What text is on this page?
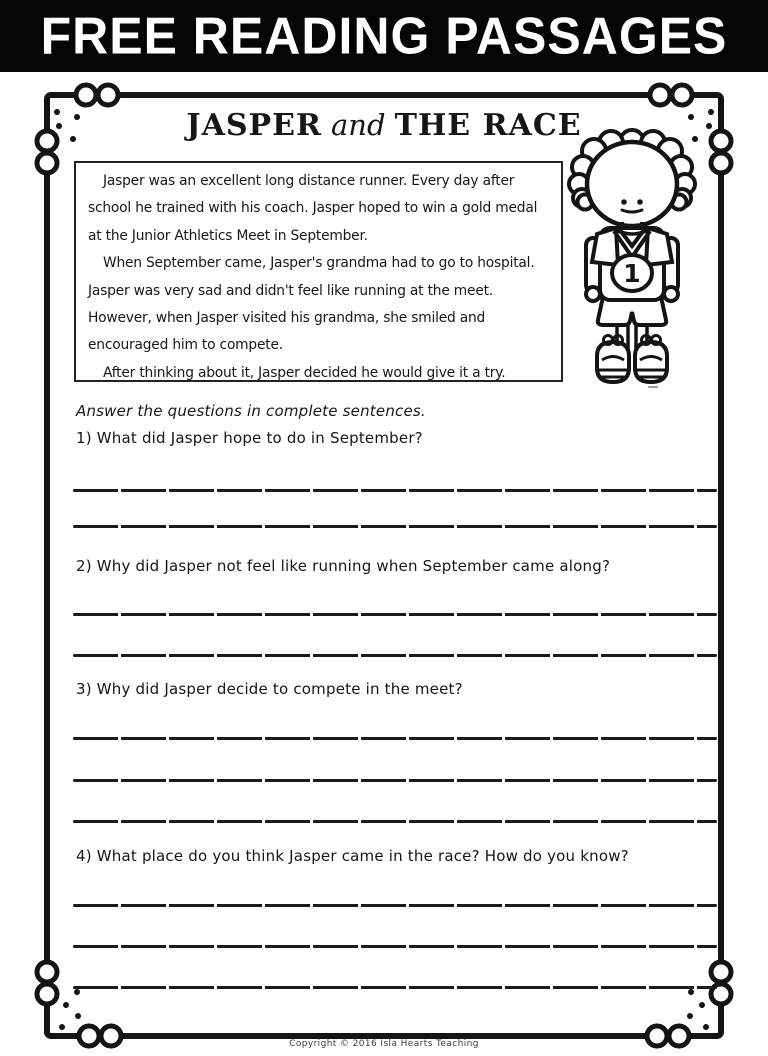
FREE READING PASSAGES
JASPER and THE RACE

Jasper was an excellent long distance runner. Every day after school he trained with his coach. Jasper hoped to win a gold medal at the Junior Athletics Meet in September.

When September came, Jasper's grandma had to go to hospital. Jasper was very sad and didn't feel like running at the meet. However, when Jasper visited his grandma, she smiled and encouraged him to compete.

After thinking about it, Jasper decided he would give it a try.

1
Answer the questions in complete sentences.
1) What did Jasper hope to do in September?
2) Why did Jasper not feel like running when September came along?
3) Why did Jasper decide to compete in the meet?
4) What place do you think Jasper came in the race? How do you know?
Copyright © 2016 Isla Hearts Teaching
